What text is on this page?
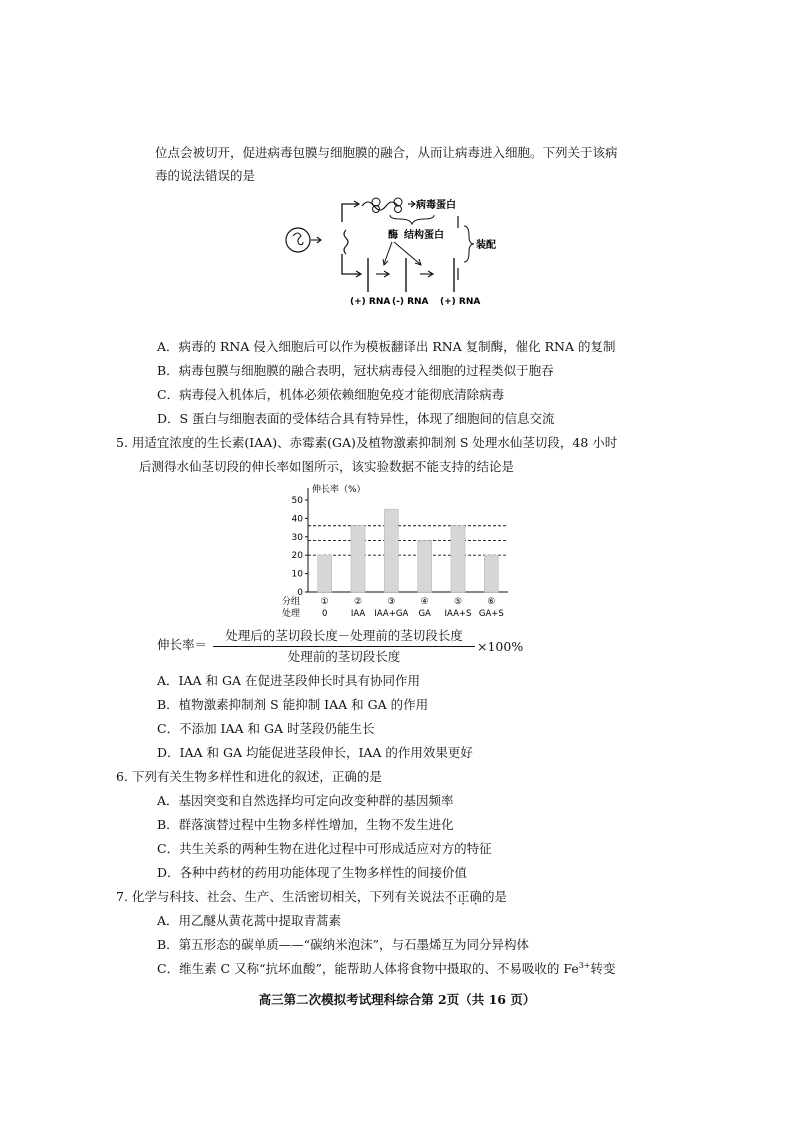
位点会被切开，促进病毒包膜与细胞膜的融合，从而让病毒进入细胞。下列关于该病
毒的说法错误的是
病毒蛋白
酶 结构蛋白
装配
(+) RNA (-) RNA (+) RNA
A．病毒的 RNA 侵入细胞后可以作为模板翻译出 RNA 复制酶，催化 RNA 的复制
B．病毒包膜与细胞膜的融合表明，冠状病毒侵入细胞的过程类似于胞吞
C．病毒侵入机体后，机体必须依赖细胞免疫才能彻底清除病毒
D．S 蛋白与细胞表面的受体结合具有特异性，体现了细胞间的信息交流
5. 用适宜浓度的生长素(IAA)、赤霉素(GA)及植物激素抑制剂 S 处理水仙茎切段，48 小时
后测得水仙茎切段的伸长率如图所示，该实验数据不能支持的结论是
伸长率（%）
0
10
20
30
40
50
①
0
②
IAA
③
IAA+GA
④
GA
⑤
IAA+S
⑥
GA+S
分组
处理
伸长率＝
处理后的茎切段长度－处理前的茎切段长度
处理前的茎切段长度
×100%
A．IAA 和 GA 在促进茎段伸长时具有协同作用
B．植物激素抑制剂 S 能抑制 IAA 和 GA 的作用
C．不添加 IAA 和 GA 时茎段仍能生长
D．IAA 和 GA 均能促进茎段伸长，IAA 的作用效果更好
6. 下列有关生物多样性和进化的叙述，正确的是
A．基因突变和自然选择均可定向改变种群的基因频率
B．群落演替过程中生物多样性增加，生物不发生进化
C．共生关系的两种生物在进化过程中可形成适应对方的特征
D．各种中药材的药用功能体现了生物多样性的间接价值
7. 化学与科技、社会、生产、生活密切相关，下列有关说法不正确的是
A．用乙醚从黄花蒿中提取青蒿素
B．第五形态的碳单质——“碳纳米泡沫”，与石墨烯互为同分异构体
C．维生素 C 又称“抗坏血酸”，能帮助人体将食物中摄取的、不易吸收的 $Fe^{3+}$转变
高三第二次模拟考试理科综合第 2页（共 16 页）
